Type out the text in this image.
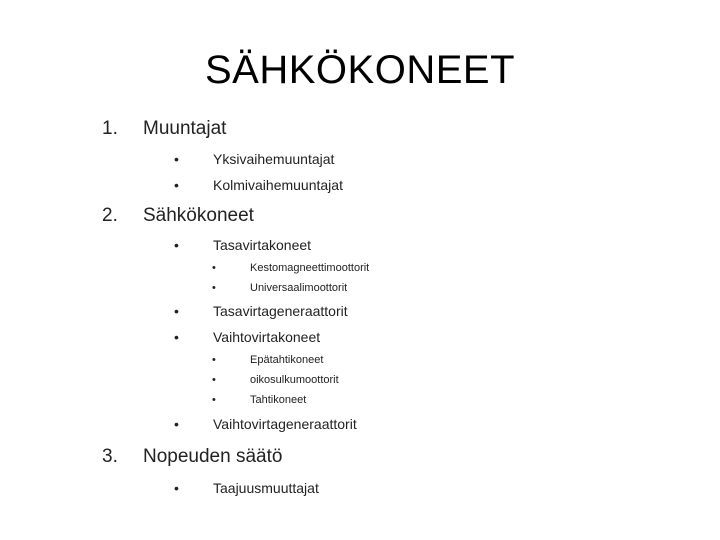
SÄHKÖKONEET
1. Muuntajat
• Yksivaihemuuntajat
• Kolmivaihemuuntajat
2. Sähkökoneet
• Tasavirtakoneet
•	Kestomagneettimoottorit
•	Universaalimoottorit
• Tasavirtageneraattorit
• Vaihtovirtakoneet
•	Epätahtikoneet
•	oikosulkumoottorit
•	Tahtikoneet
• Vaihtovirtageneraattorit
3. Nopeuden säätö
• Taajuusmuuttajat
